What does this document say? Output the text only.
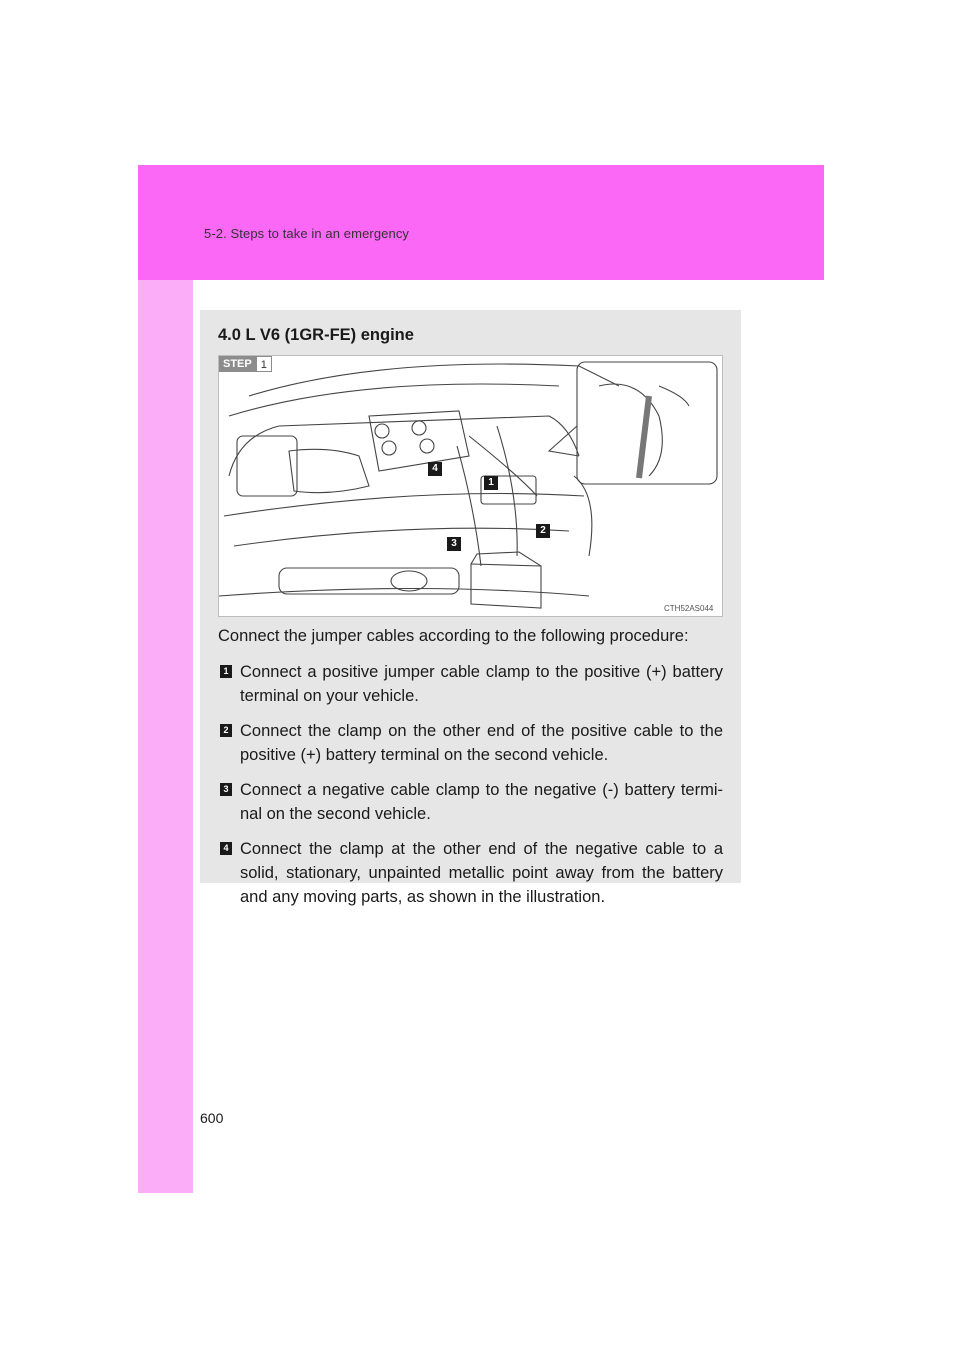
5-2. Steps to take in an emergency
4.0 L V6 (1GR-FE) engine
STEP 1
1
2
3
4
CTH52AS044
Connect the jumper cables according to the following procedure:
1 Connect a positive jumper cable clamp to the positive (+) battery terminal on your vehicle.
2 Connect the clamp on the other end of the positive cable to the positive (+) battery terminal on the second vehicle.
3 Connect a negative cable clamp to the negative (-) battery termi-nal on the second vehicle.
4 Connect the clamp at the other end of the negative cable to a solid, stationary, unpainted metallic point away from the battery and any moving parts, as shown in the illustration.
600
